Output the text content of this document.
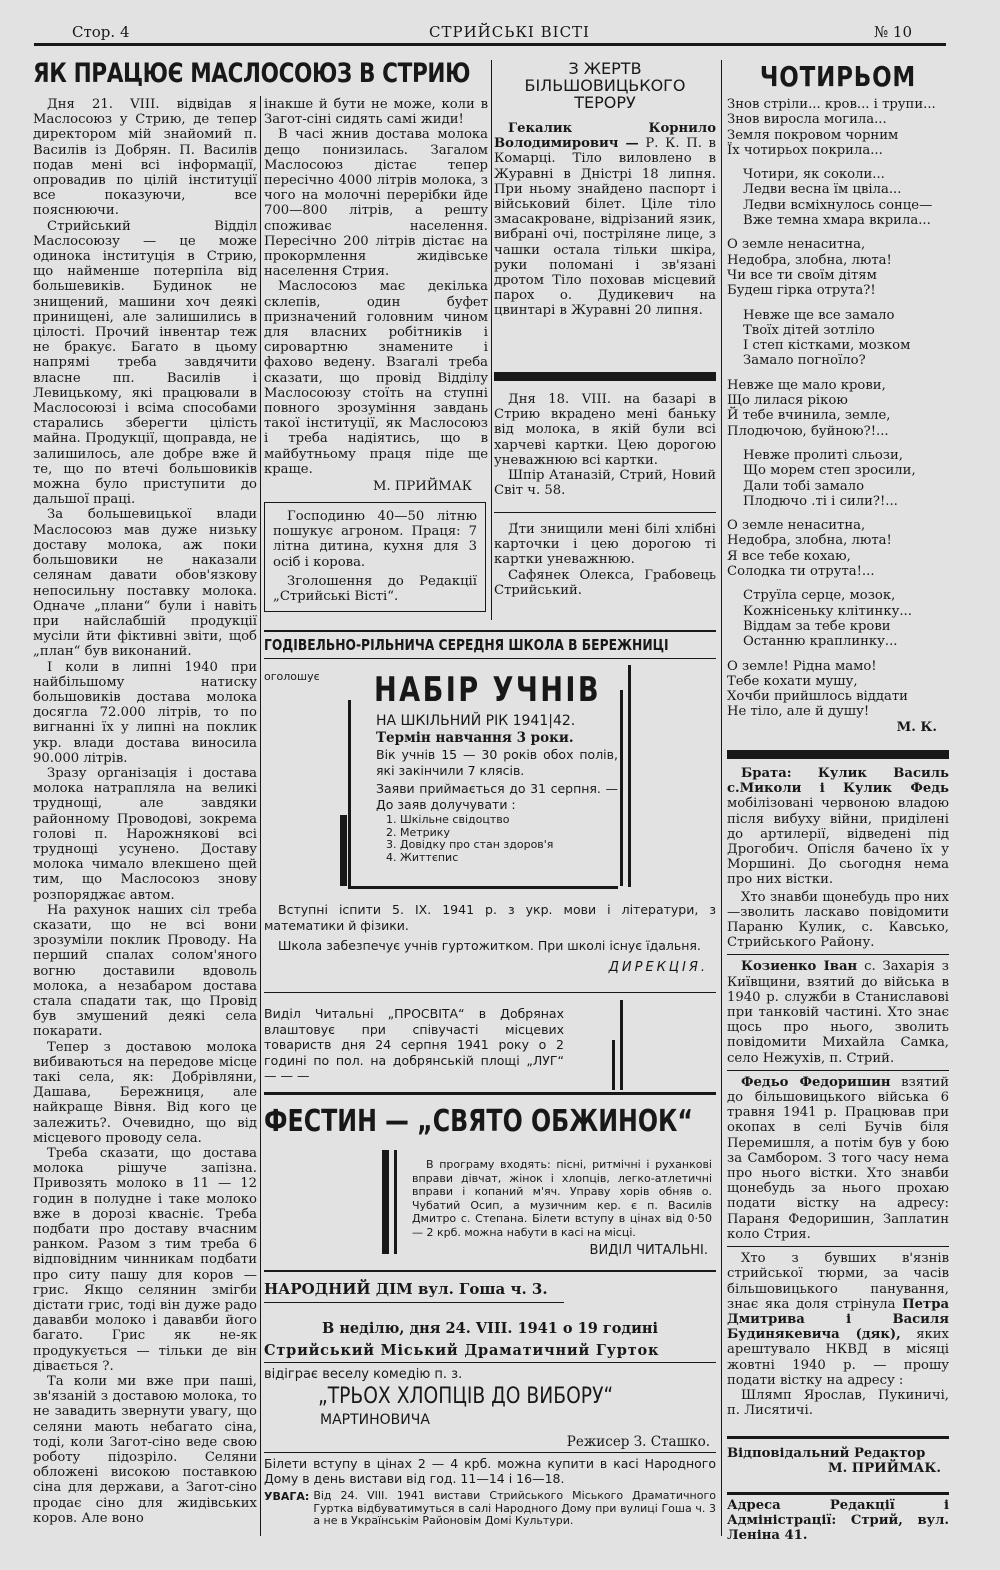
Стор. 4	СТРИЙСЬКІ ВІСТІ	№ 10
ЯК ПРАЦЮЄ МАСЛОСОЮЗ В СТРИЮ

Дня 21. VIII. відвідав я Маслосоюз у Стрию, де тепер директором мій знайомий п. Василів із Добрян. П. Василів подав мені всі інформації, опровадив по цілій інституції все показуючи, все пояснюючи.

Стрийський Відділ Маслосоюзу — це може одинока інституція в Стрию, що найменше потерпіла від большевиків. Будинок не знищений, машини хоч деякі принищені, але залишились в цілості. Прочий інвентар теж не бракує. Багато в цьому напрямі треба завдячити власне пп. Василів і Левицькому, які працювали в Маслосоюзі і всіма способами старались зберегти цілість майна. Продукції, щоправда, не залишилось, але добре вже й те, що по втечі большовиків можна було приступити до дальшої праці.

За большевицької влади Маслосоюз мав дуже низьку доставу молока, аж поки большовики не наказали селянам давати обов'язкову непосильну поставку молока. Одначе „плани“ були і навіть при найслабшій продукції мусіли йти фіктивні звіти, щоб „план“ був виконаний.

І коли в липні 1940 при найбільшому натиску большовиків достава молока досягла 72.000 літрів, то по вигнанні їх у липні на поклик укр. влади достава виносила 90.000 літрів.

Зразу організація і достава молока натрапляла на великі труднощі, але завдяки районному Проводові, зокрема голові п. Нарожнякові всі труднощі усунено. Доставу молока чимало влекшено щей тим, що Маслосоюз знову розпоряджає автом.

На рахунок наших сіл треба сказати, що не всі вони зрозуміли поклик Проводу. На перший спалах солом'яного вогню доставили вдоволь молока, а незабаром достава стала спадати так, що Провід був змушений деякі села покарати.

Тепер з доставою молока вибиваються на передове місце такі села, як: Добрівляни, Дашава, Бережниця, але найкраще Вівня. Від кого це залежить?. Очевидно, що від місцевого проводу села.

Треба сказати, що достава молока рішуче запізна. Привозять молоко в 11 — 12 годин в полудне і таке молоко вже в дорозі квасніє. Треба подбати про доставу вчасним ранком. Разом з тим треба 6 відповідним чинникам подбати про ситу пашу для коров — грис. Якщо селянин змігби дістати грис, тоді він дуже радо дававби молоко і дававби його багато. Грис як не-як продукується — тільки де він дівається ?.

Та коли ми вже при паші, зв'язаній з доставою молока, то не завадить звернути увагу, що селяни мають небагато сіна, тоді, коли Загот-сіно веде свою роботу підозріло. Селяни обложені високою поставкою сіна для держави, а Загот-сіно продає сіно для жидівських коров. Але воно

інакше й бути не може, коли в Загот-сіні сидять самі жиди!

В часі жнив достава молока дещо понизилась. Загалом Маслосоюз дістає тепер пересічно 4000 літрів молока, з чого на молочні перерібки йде 700—800 літрів, а решту споживає населення. Пересічно 200 літрів дістає на прокормлення жидівське населення Стрия.

Маслосоюз має декілька склепів, один буфет призначений головним чином для власних робітників і сировартню знамените і фахово ведену. Взагалі треба сказати, що провід Відділу Маслосоюзу стоїть на ступні повного зрозуміння завдань такої інституції, як Маслосоюз і треба надіятись, що в майбутньому праця піде ще краще.

М. ПРИЙМАК

Господиню 40—50 літню пошукує агроном. Праця: 7 літна дитина, кухня для 3 осіб і корова.

Зголошення до Редакції „Стрийські Вісті“.

З ЖЕРТВ БІЛЬШОВИЦЬКОГО ТЕРОРУ

Гекалик Корнило Володимирович — Р. К. П. в Комарці. Тіло виловлено в Журавні в Дністрі 18 липня. При ньому знайдено паспорт і військовий білет. Ціле тіло змасакроване, відрізаний язик, вибрані очі, постріляне лице, з чашки остала тільки шкіра, руки поломані і зв'язані дротом Тіло поховав місцевий парох о. Дудикевич на цвинтарі в Журавні 20 липня.

Дня 18. VIII. на базарі в Стрию вкрадено мені баньку від молока, в якій були всі харчеві картки. Цею дорогою уневажнюю всі картки.

Шпір Атаназій, Стрий, Новий Світ ч. 58.

Д́ти знищили мені білі хлібні карточки і цею дорогою ті картки уневажнюю.

Сафянек Олекса, Грабовець Стрийський.

ЧОТИРЬОМ

Знов стріли... кров... і трупи...

Знов виросла могила...

Земля покровом чорним

Їх чотирьох покрила...

Чотири, як соколи...

Ледви весна їм цвіла...

Ледви всміхнулось сонце—

Вже темна хмара вкрила...

О земле ненаситна,

Недобра, злобна, люта!

Чи все ти своїм дітям

Будеш гірка отрута?!

Невже ще все замало

Твоїх дітей зотліло

І степ кістками, мозком

Замало погноїло?

Невже ще мало крови,

Що лилася рікою

Й тебе вчинила, земле,

Плодючою, буйною?!...

Невже пролиті сльози,

Що морем степ зросили,

Дали тобі замало

Плодючо .ті і сили?!...

О земле ненаситна,

Недобра, злобна, люта!

Я все тебе кохаю,

Солодка ти отрута!...

Струїла серце, мозок,

Кожнісеньку клітинку...

Віддам за тебе крови

Останню краплинку...

О земле! Рідна мамо!

Тебе кохати мушу,

Хочби прийшлось віддати

Не тіло, але й душу!

М. К.

Брата: Кулик Василь с.Миколи і Кулик Федь мобілізовані червоною владою після вибуху війни, приділені до артилерії, відведені під Дрогобич. Опісля бачено їх у Моршині. До сьогодня нема про них вістки.

Хто знавби щонебудь про них—зволить ласкаво повідомити Параню Кулик, с. Кавсько, Стрийського Району.

Козиенко Іван с. Захарія з Київщини, взятий до війська в 1940 р. служби в Станиславові при танковій частині. Хто знає щось про нього, зволить повідомити Михайла Самка, село Нежухів, п. Стрий.

Федьо Федоришин взятий до більшовицького війська 6 травня 1941 р. Працював при окопах в селі Бучів біля Перемишля, а потім був у бою за Самбором. З того часу нема про нього вістки. Хто знавби щонебудь за нього прохаю подати вістку на адресу: Параня Федоришин, Заплатин коло Стрия.

Хто з бувших в'язнів стрийської тюрми, за часів більшовицького панування, знає яка доля стрінула Петра Дмитрива і Василя Будинякевича (дяк), яких арештувало НКВД в місяці жовтні 1940 р. — прошу подати вістку на адресу :

Шлямп Ярослав, Пукиничі, п. Лисятичі.

Відповідальний Редактор

М. ПРИЙМАК.

Адреса Редакції і Адміністрації: Стрий, вул. Леніна 41.

ГОДІВЕЛЬНО-РІЛЬНИЧА СЕРЕДНЯ ШКОЛА В БЕРЕЖНИЦІ
оголошує НАБІР УЧНІВ

НА ШКІЛЬНИЙ РІК 1941|42.

Термін навчання 3 роки.

Вік учнів 15 — 30 років обох полів, які закінчили 7 клясів.

Заяви приймається до 31 серпня. — До заяв долучувати :

1. Шкільне свідоцтво
2. Метрику
3. Довідку про стан здоров'я
4. Життєпис

Вступні іспити 5. IX. 1941 р. з укр. мови і літератури, з математики й фізики.

Школа забезпечує учнів гуртожитком. При школі існує їдальня.

ДИРЕКЦІЯ.

Виділ Читальні „ПРОСВІТА“ в Добрянах влаштовує при співучасті місцевих товариств дня 24 серпня 1941 року о 2 годині по пол. на добрянській площі „ЛУГ“ — — —

ФЕСТИН — „СВЯТО ОБЖИНОК“

В програму входять: пісні, ритмічні і руханкові вправи дівчат, жінок і хлопців, легко-атлетичні вправи і копаний м'яч. Управу хорів обняв о. Чубатий Осип, а музичним кер. є п. Василів Дмитро с. Степана. Білети вступу в цінах від 0·50 — 2 крб. можна набути в касі на місці.

ВИДІЛ ЧИТАЛЬНІ.

НАРОДНИЙ ДІМ вул. Гоша ч. 3.
В неділю, дня 24. VIII. 1941 о 19 годині
Стрийський Міський Драматичний Гурток
відіграє веселу комедію п. з.
„ТРЬОХ ХЛОПЦІВ ДО ВИБОРУ“
МАРТИНОВИЧА
Режисер З. Сташко.

Білети вступу в цінах 2 — 4 крб. можна купити в касі Народного Дому в день вистави від год. 11—14 і 16—18.

УВАГА: Від 24. VIII. 1941 вистави Стрийського Міського Драматичного Гуртка відбуватимуться в салі Народного Дому при вулиці Гоша ч. 3 а не в Українськім Районовім Домі Культури.
